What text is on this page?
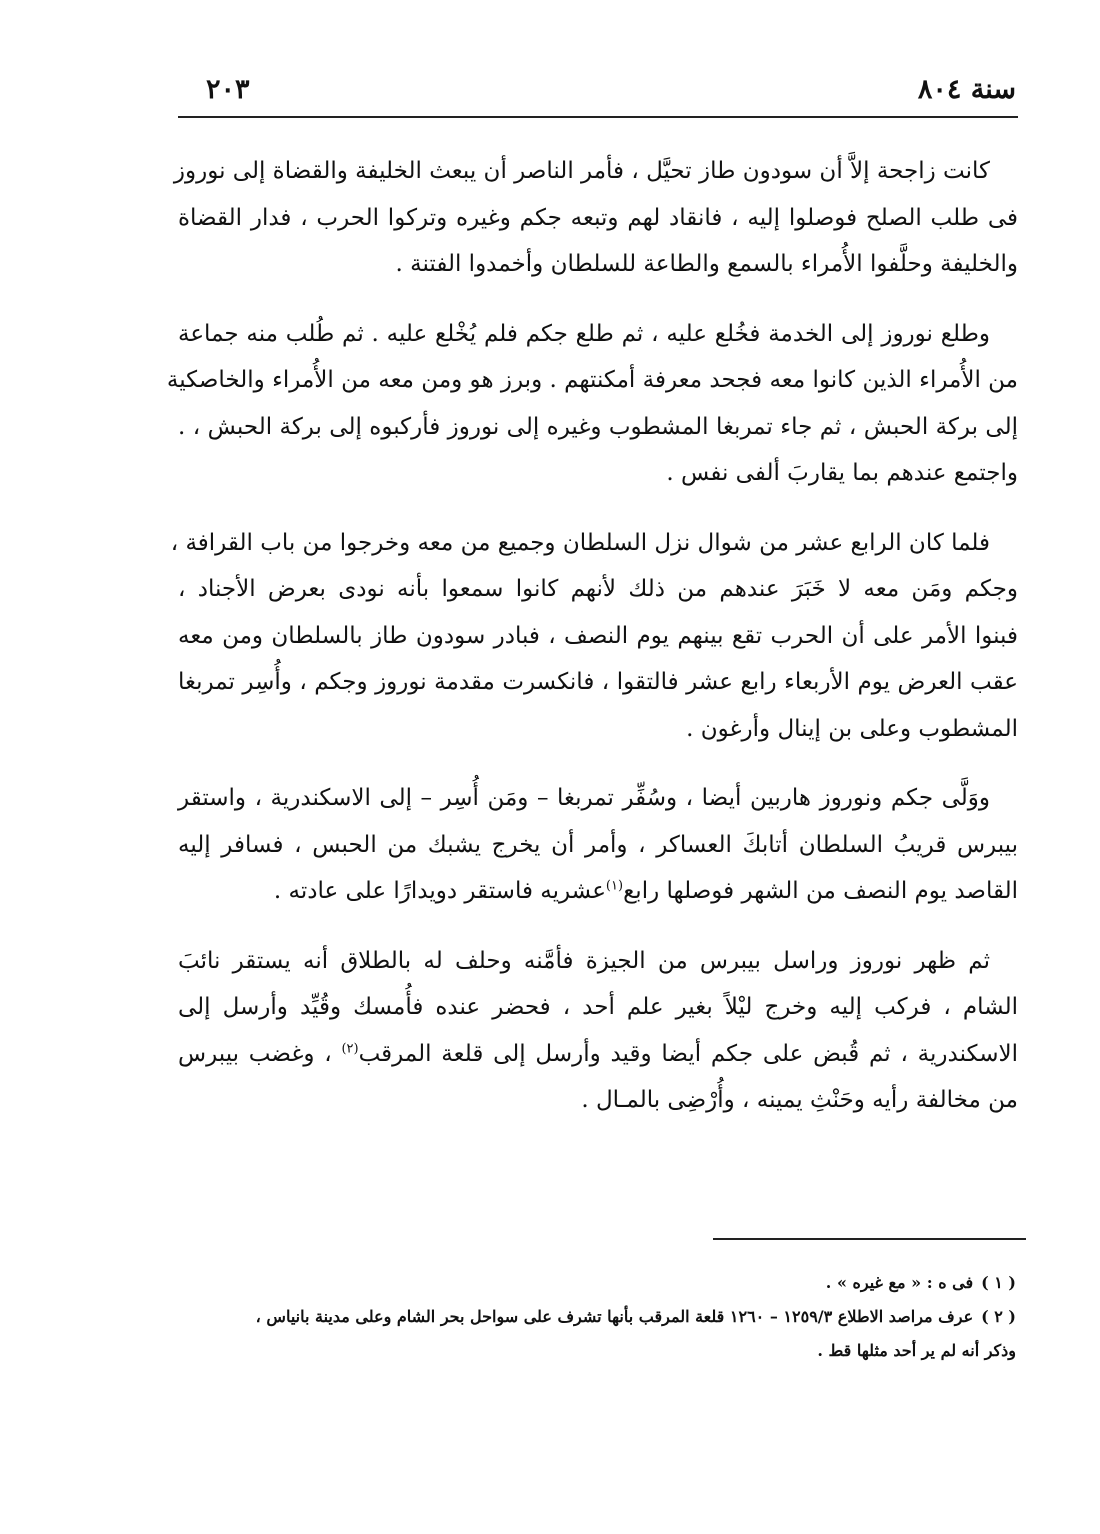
سنة ٨٠٤
٢٠٣
كانت زاجحة إلاَّ أن سودون طاز تحيَّل ، فأمر الناصر أن يبعث الخليفة والقضاة إلى نوروز
فى طلب الصلح فوصلوا إليه ، فانقاد لهم وتبعه جكم وغيره وتركوا الحرب ، فدار القضاة
والخليفة وحلَّفوا الأُمراء بالسمع والطاعة للسلطان وأخمدوا الفتنة .
وطلع نوروز إلى الخدمة فخُلع عليه ، ثم طلع جكم فلم يُخْلع عليه . ثم طُلب منه جماعة
من الأُمراء الذين كانوا معه فجحد معرفة أمكنتهم . وبرز هو ومن معه من الأُمراء والخاصكية
إلى بركة الحبش ، ثم جاء تمربغا المشطوب وغيره إلى نوروز فأركبوه إلى بركة الحبش ، .
واجتمع عندهم بما يقاربَ ألفى نفس .
فلما كان الرابع عشر من شوال نزل السلطان وجميع من معه وخرجوا من باب القرافة ،
وجكم ومَن معه لا خَبَرَ عندهم من ذلك لأنهم كانوا سمعوا بأنه نودى بعرض الأجناد ،
فبنوا الأمر على أن الحرب تقع بينهم يوم النصف ، فبادر سودون طاز بالسلطان ومن معه
عقب العرض يوم الأربعاء رابع عشر فالتقوا ، فانكسرت مقدمة نوروز وجكم ، وأُسِر تمربغا
المشطوب وعلى بن إينال وأرغون .
ووَلَّى جكم ونوروز هاربين أيضا ، وسُفِّر تمربغا – ومَن أُسِر – إلى الاسكندرية ، واستقر
بيبرس قريبُ السلطان أتابكَ العساكر ، وأمر أن يخرج يشبك من الحبس ، فسافر إليه
القاصد يوم النصف من الشهر فوصلها رابع$^{(١)}$عشريه فاستقر دويدارًا على عادته .
ثم ظهر نوروز وراسل بيبرس من الجيزة فأمَّنه وحلف له بالطلاق أنه يستقر نائبَ
الشام ، فركب إليه وخرج ليْلاً بغير علم أحد ، فحضر عنده فأُمسك وقُيِّد وأرسل إلى
الاسكندرية ، ثم قُبض على جكم أيضا وقيد وأرسل إلى قلعة المرقب$^{(٢)}$ ، وغضب بيبرس
من مخالفة رأيه وحَنْثِ يمينه ، وأُرْضِى بالمـال .
( ١ )فى ه : « مع غيره » .
( ٢ )عرف مراصد الاطلاع ١٢٥٩/٣ – ١٢٦٠ قلعة المرقب بأنها تشرف على سواحل بحر الشام وعلى مدينة بانياس ،
وذكر أنه لم ير أحد مثلها قط .
